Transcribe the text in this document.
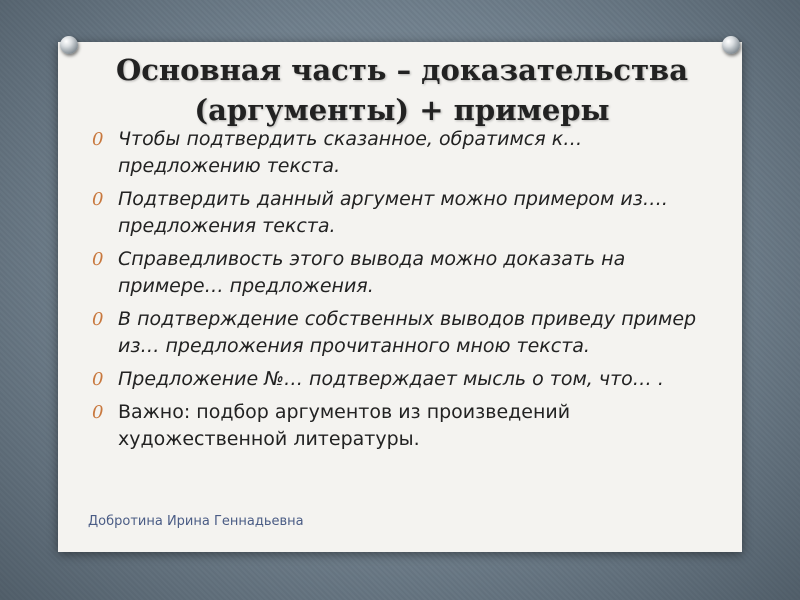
Основная часть – доказательства
(аргументы) + примеры
0 Чтобы подтвердить сказанное, обратимся к… предложению текста.
0 Подтвердить данный аргумент можно примером из…. предложения текста.
0 Справедливость этого вывода можно доказать на примере… предложения.
0 В подтверждение собственных выводов приведу пример из… предложения прочитанного мною текста.
0 Предложение №… подтверждает мысль о том, что… .
0 Важно: подбор аргументов из произведений художественной литературы.
Добротина Ирина Геннадьевна
